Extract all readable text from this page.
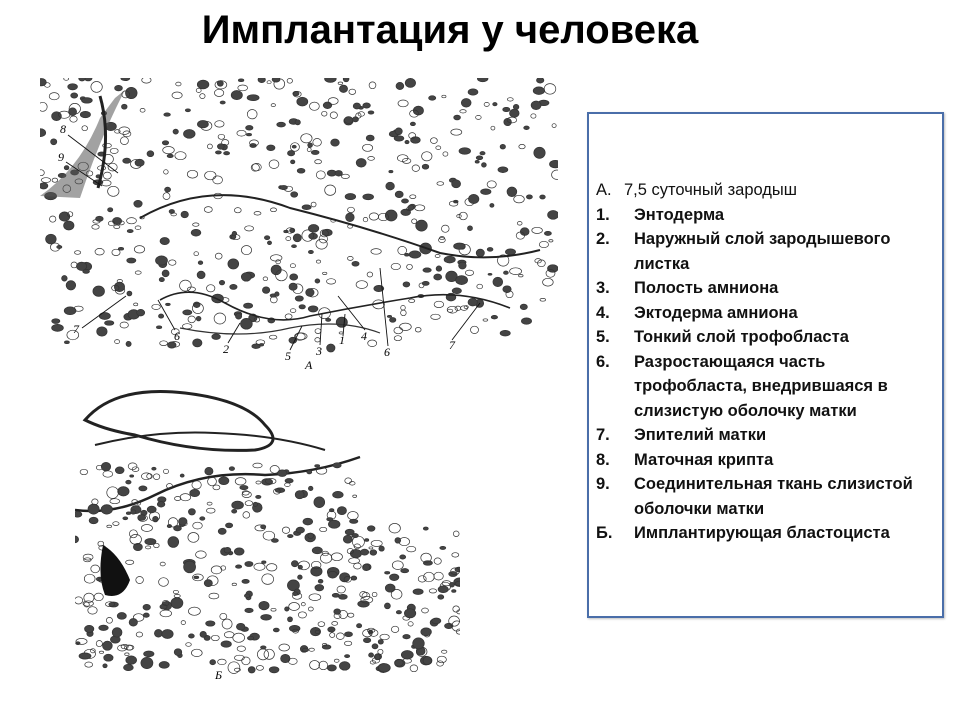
Имплантация у человека
8
9
7	6
2	5 3
1 4
6	7
А
Б
А. 7,5 суточный зародыш
1.	Энтодерма
2.	Наружный слой зародышевого листка
3.	Полость амниона
4.	Эктодерма амниона
5.	Тонкий слой трофобласта
6.	Разростающаяся часть трофобласта, внедрившаяся в слизистую оболочку матки
7.	Эпителий матки
8.	Маточная крипта
9.	Соединительная ткань слизистой оболочки матки
Б.	Имплантирующая бластоциста
